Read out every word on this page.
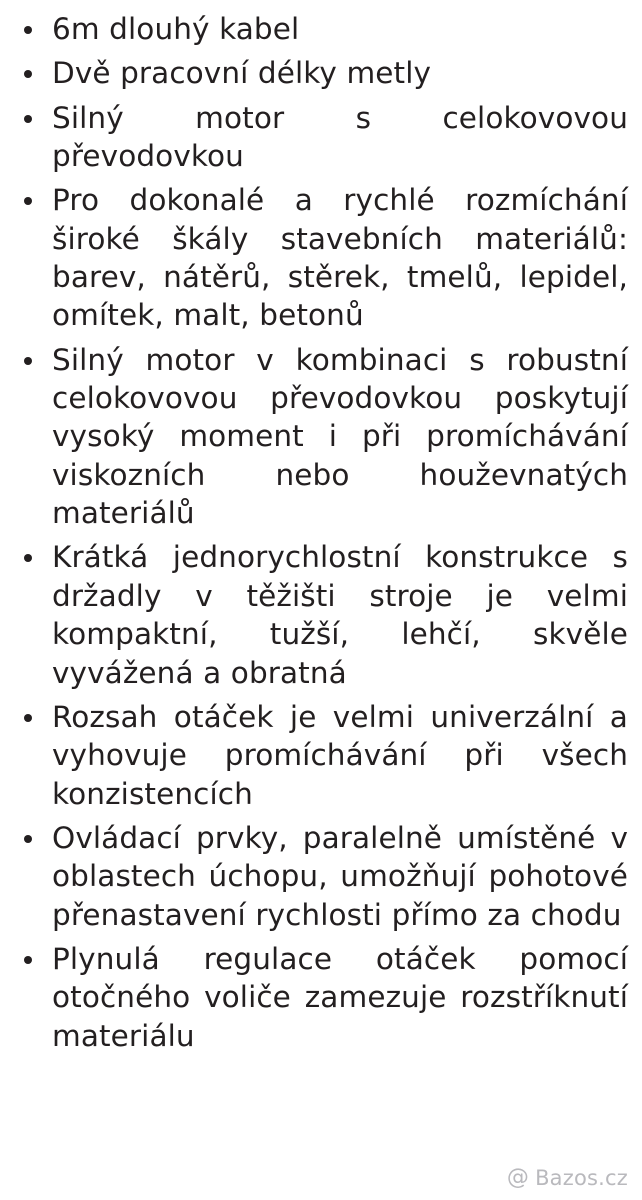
6m dlouhý kabel
Dvě pracovní délky metly
Silný motor s celokovovou převodovkou
Pro dokonalé a rychlé rozmíchání široké škály stavebních materiálů: barev, nátěrů, stěrek, tmelů, lepidel, omítek, malt, betonů
Silný motor v kombinaci s robustní celokovovou převodovkou poskytují vysoký moment i při promíchávání viskozních nebo houževnatých materiálů
Krátká jednorychlostní konstrukce s držadly v těžišti stroje je velmi kompaktní, tužší, lehčí, skvěle vyvážená a obratná
Rozsah otáček je velmi univerzální a vyhovuje promíchávání při všech konzistencích
Ovládací prvky, paralelně umístěné v oblastech úchopu, umožňují pohotové přenastavení rychlosti přímo za chodu
Plynulá regulace otáček pomocí otočného voliče zamezuje rozstříknutí materiálu
@ Bazos.cz
